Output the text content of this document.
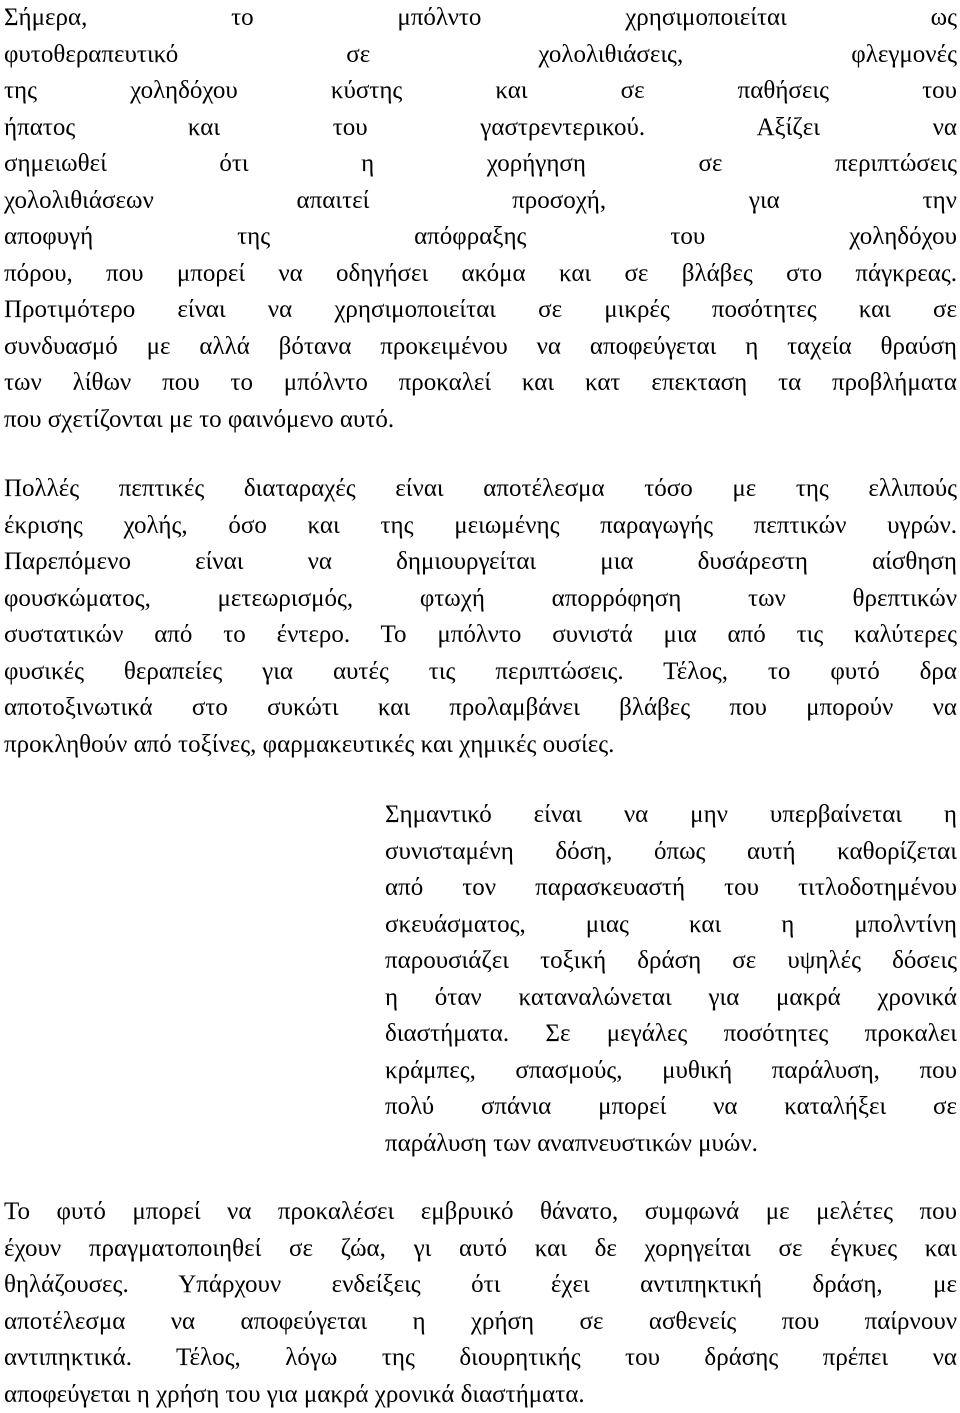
Σήμερα, το μπόλντο χρησιμοποιείται ως
φυτοθεραπευτικό σε χολολιθιάσεις, φλεγμονές
της χοληδόχου κύστης και σε παθήσεις του
ήπατος και του γαστρεντερικού. Αξίζει να
σημειωθεί ότι η χορήγηση σε περιπτώσεις
χολολιθιάσεων απαιτεί προσοχή, για την
αποφυγή της απόφραξης του χοληδόχου
πόρου, που μπορεί να οδηγήσει ακόμα και σε βλάβες στο πάγκρεας.
Προτιμότερο είναι να χρησιμοποιείται σε μικρές ποσότητες και σε
συνδυασμό με αλλά βότανα προκειμένου να αποφεύγεται η ταχεία θραύση
των λίθων που το μπόλντο προκαλεί και κατ επεκταση τα προβλήματα
που σχετίζονται με το φαινόμενο αυτό.
Πολλές πεπτικές διαταραχές είναι αποτέλεσμα τόσο με της ελλιπούς
έκρισης χολής, όσο και της μειωμένης παραγωγής πεπτικών υγρών.
Παρεπόμενο είναι να δημιουργείται μια δυσάρεστη αίσθηση
φουσκώματος, μετεωρισμός, φτωχή απορρόφηση των θρεπτικών
συστατικών από το έντερο. Το μπόλντο συνιστά μια από τις καλύτερες
φυσικές θεραπείες για αυτές τις περιπτώσεις. Τέλος, το φυτό δρα
αποτοξινωτικά στο συκώτι και προλαμβάνει βλάβες που μπορούν να
προκληθούν από τοξίνες, φαρμακευτικές και χημικές ουσίες.
Σημαντικό είναι να μην υπερβαίνεται η
συνισταμένη δόση, όπως αυτή καθορίζεται
από τον παρασκευαστή του τιτλοδοτημένου
σκευάσματος, μιας και η μπολντίνη
παρουσιάζει τοξική δράση σε υψηλές δόσεις
η όταν καταναλώνεται για μακρά χρονικά
διαστήματα. Σε μεγάλες ποσότητες προκαλει
κράμπες, σπασμούς, μυθική παράλυση, που
πολύ σπάνια μπορεί να καταλήξει σε
παράλυση των αναπνευστικών μυών.
Το φυτό μπορεί να προκαλέσει εμβρυικό θάνατο, συμφωνά με μελέτες που
έχουν πραγματοποιηθεί σε ζώα, γι αυτό και δε χορηγείται σε έγκυες και
θηλάζουσες. Υπάρχουν ενδείξεις ότι έχει αντιπηκτική δράση, με
αποτέλεσμα να αποφεύγεται η χρήση σε ασθενείς που παίρνουν
αντιπηκτικά. Τέλος, λόγω της διουρητικής του δράσης πρέπει να
αποφεύγεται η χρήση του για μακρά χρονικά διαστήματα.
